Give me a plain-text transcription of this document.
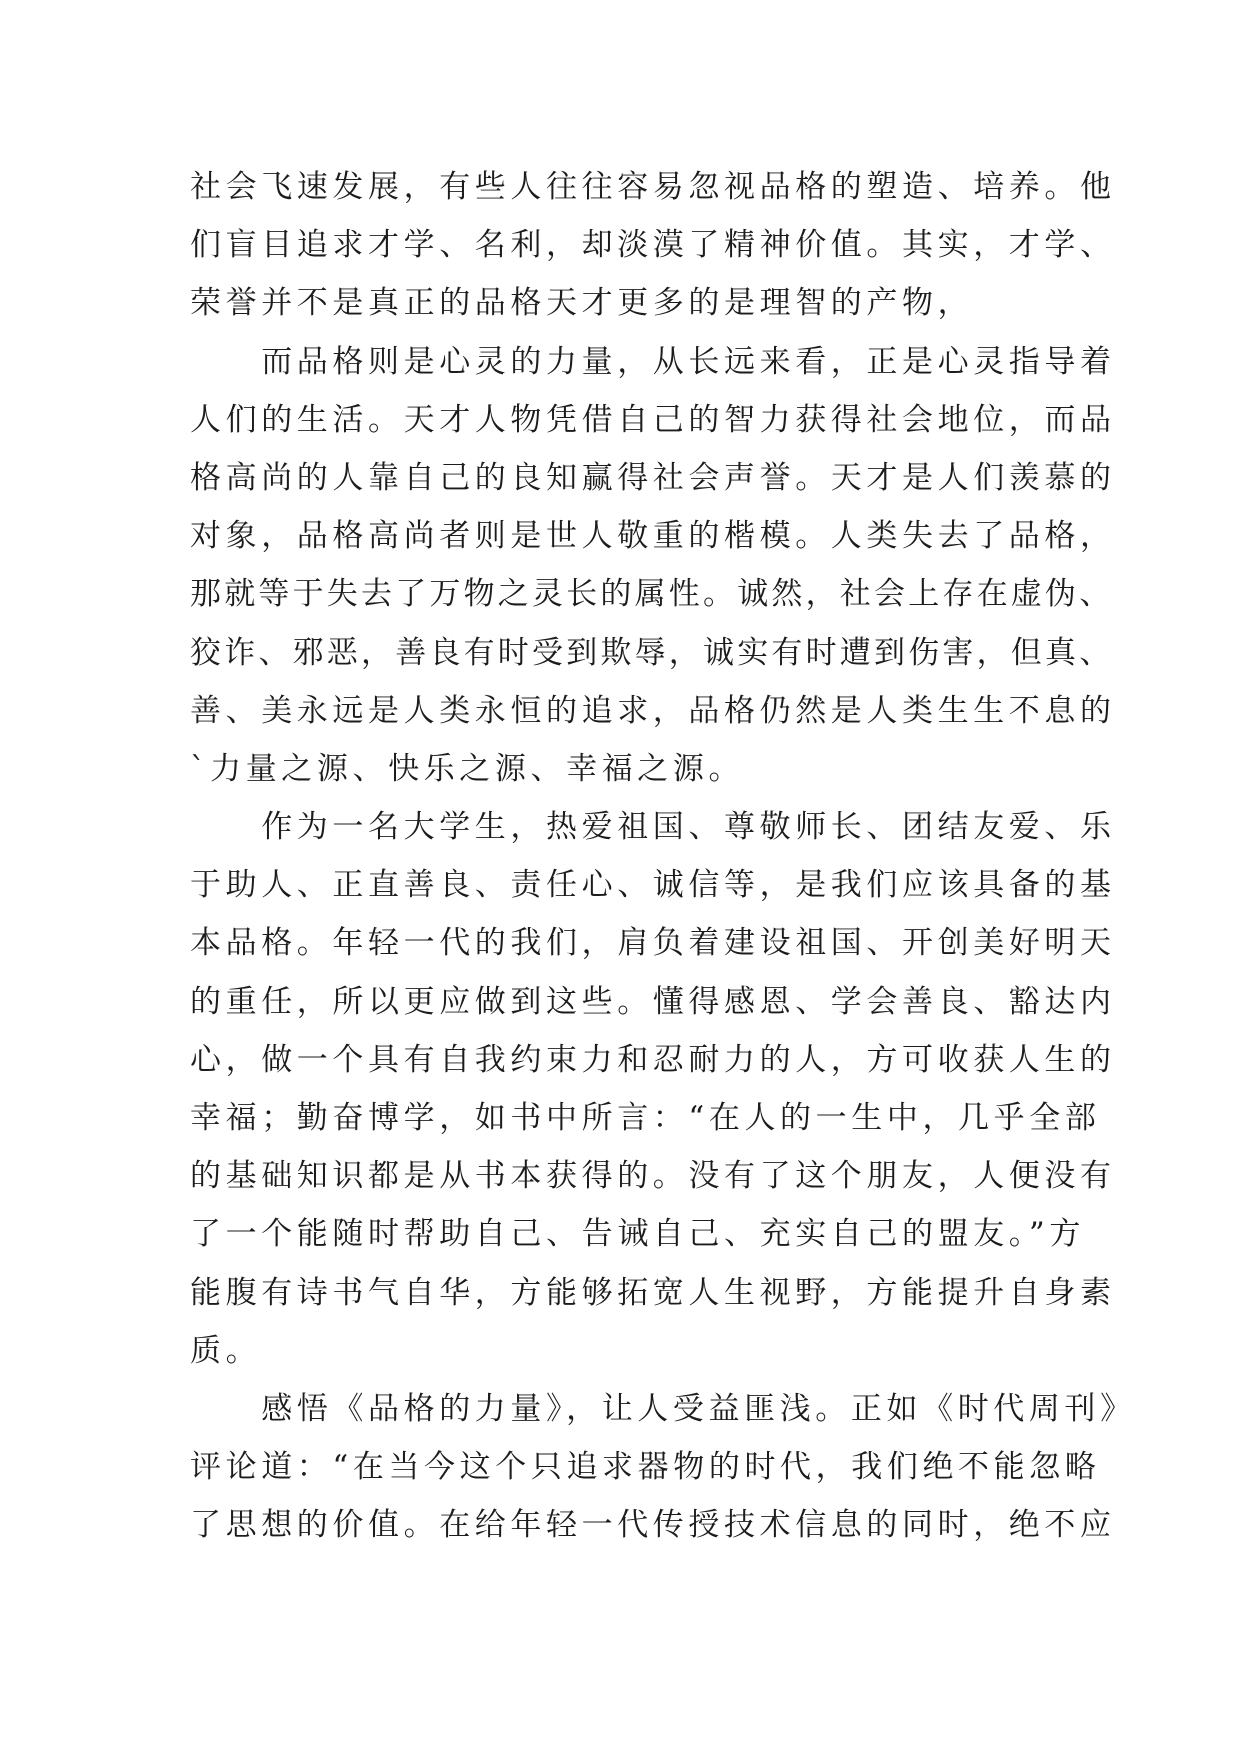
社会飞速发展，有些人往往容易忽视品格的塑造、培养。他
们盲目追求才学、名利，却淡漠了精神价值。其实，才学、
荣誉并不是真正的品格天才更多的是理智的产物，
　　而品格则是心灵的力量，从长远来看，正是心灵指导着
人们的生活。天才人物凭借自己的智力获得社会地位，而品
格高尚的人靠自己的良知赢得社会声誉。天才是人们羡慕的
对象，品格高尚者则是世人敬重的楷模。人类失去了品格，
那就等于失去了万物之灵长的属性。诚然，社会上存在虚伪、
狡诈、邪恶，善良有时受到欺辱，诚实有时遭到伤害，但真、
善、美永远是人类永恒的追求，品格仍然是人类生生不息的
`力量之源、快乐之源、幸福之源。
　　作为一名大学生，热爱祖国、尊敬师长、团结友爱、乐
于助人、正直善良、责任心、诚信等，是我们应该具备的基
本品格。年轻一代的我们，肩负着建设祖国、开创美好明天
的重任，所以更应做到这些。懂得感恩、学会善良、豁达内
心，做一个具有自我约束力和忍耐力的人，方可收获人生的
幸福；勤奋博学，如书中所言：“在人的一生中，几乎全部
的基础知识都是从书本获得的。没有了这个朋友，人便没有
了一个能随时帮助自己、告诫自己、充实自己的盟友。”方
能腹有诗书气自华，方能够拓宽人生视野，方能提升自身素
质。
　　感悟《品格的力量》，让人受益匪浅。正如《时代周刊》
评论道：“在当今这个只追求器物的时代，我们绝不能忽略
了思想的价值。在给年轻一代传授技术信息的同时，绝不应
